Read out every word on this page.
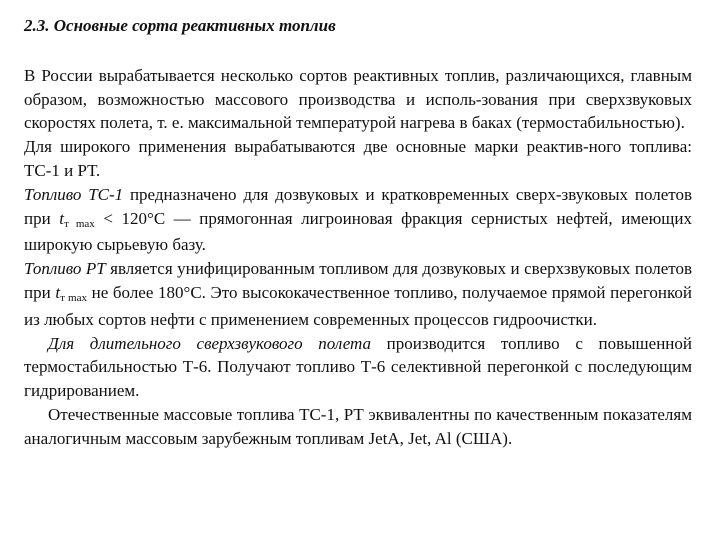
2.3. Основные сорта реактивных топлив

В России вырабатывается несколько сортов реактивных топлив, различающихся, главным образом, возможностью массового производства и исполь-зования при сверхзвуковых скоростях полета, т. е. максимальной температурой нагрева в баках (термостабильностью).

Для широкого применения вырабатываются две основные марки реактив-ного топлива: ТС-1 и РТ.

Топливо ТС-1 предназначено для дозвуковых и кратковременных сверх-звуковых полетов при tт max < 120°С — прямогонная лигроиновая фракция сернистых нефтей, имеющих широкую сырьевую базу.

Топливо РТ является унифицированным топливом для дозвуковых и сверхзвуковых полетов при tт max не более 180°С. Это высококачественное топливо, получаемое прямой перегонкой из любых сортов нефти с применением современных процессов гидроочистки.

Для длительного сверхзвукового полета производится топливо с повышенной термостабильностью Т-6. Получают топливо Т-6 селективной перегонкой с последующим гидрированием.

Отечественные массовые топлива ТС-1, РТ эквивалентны по качественным показателям аналогичным массовым зарубежным топливам JetA, Jet, Al (США).
